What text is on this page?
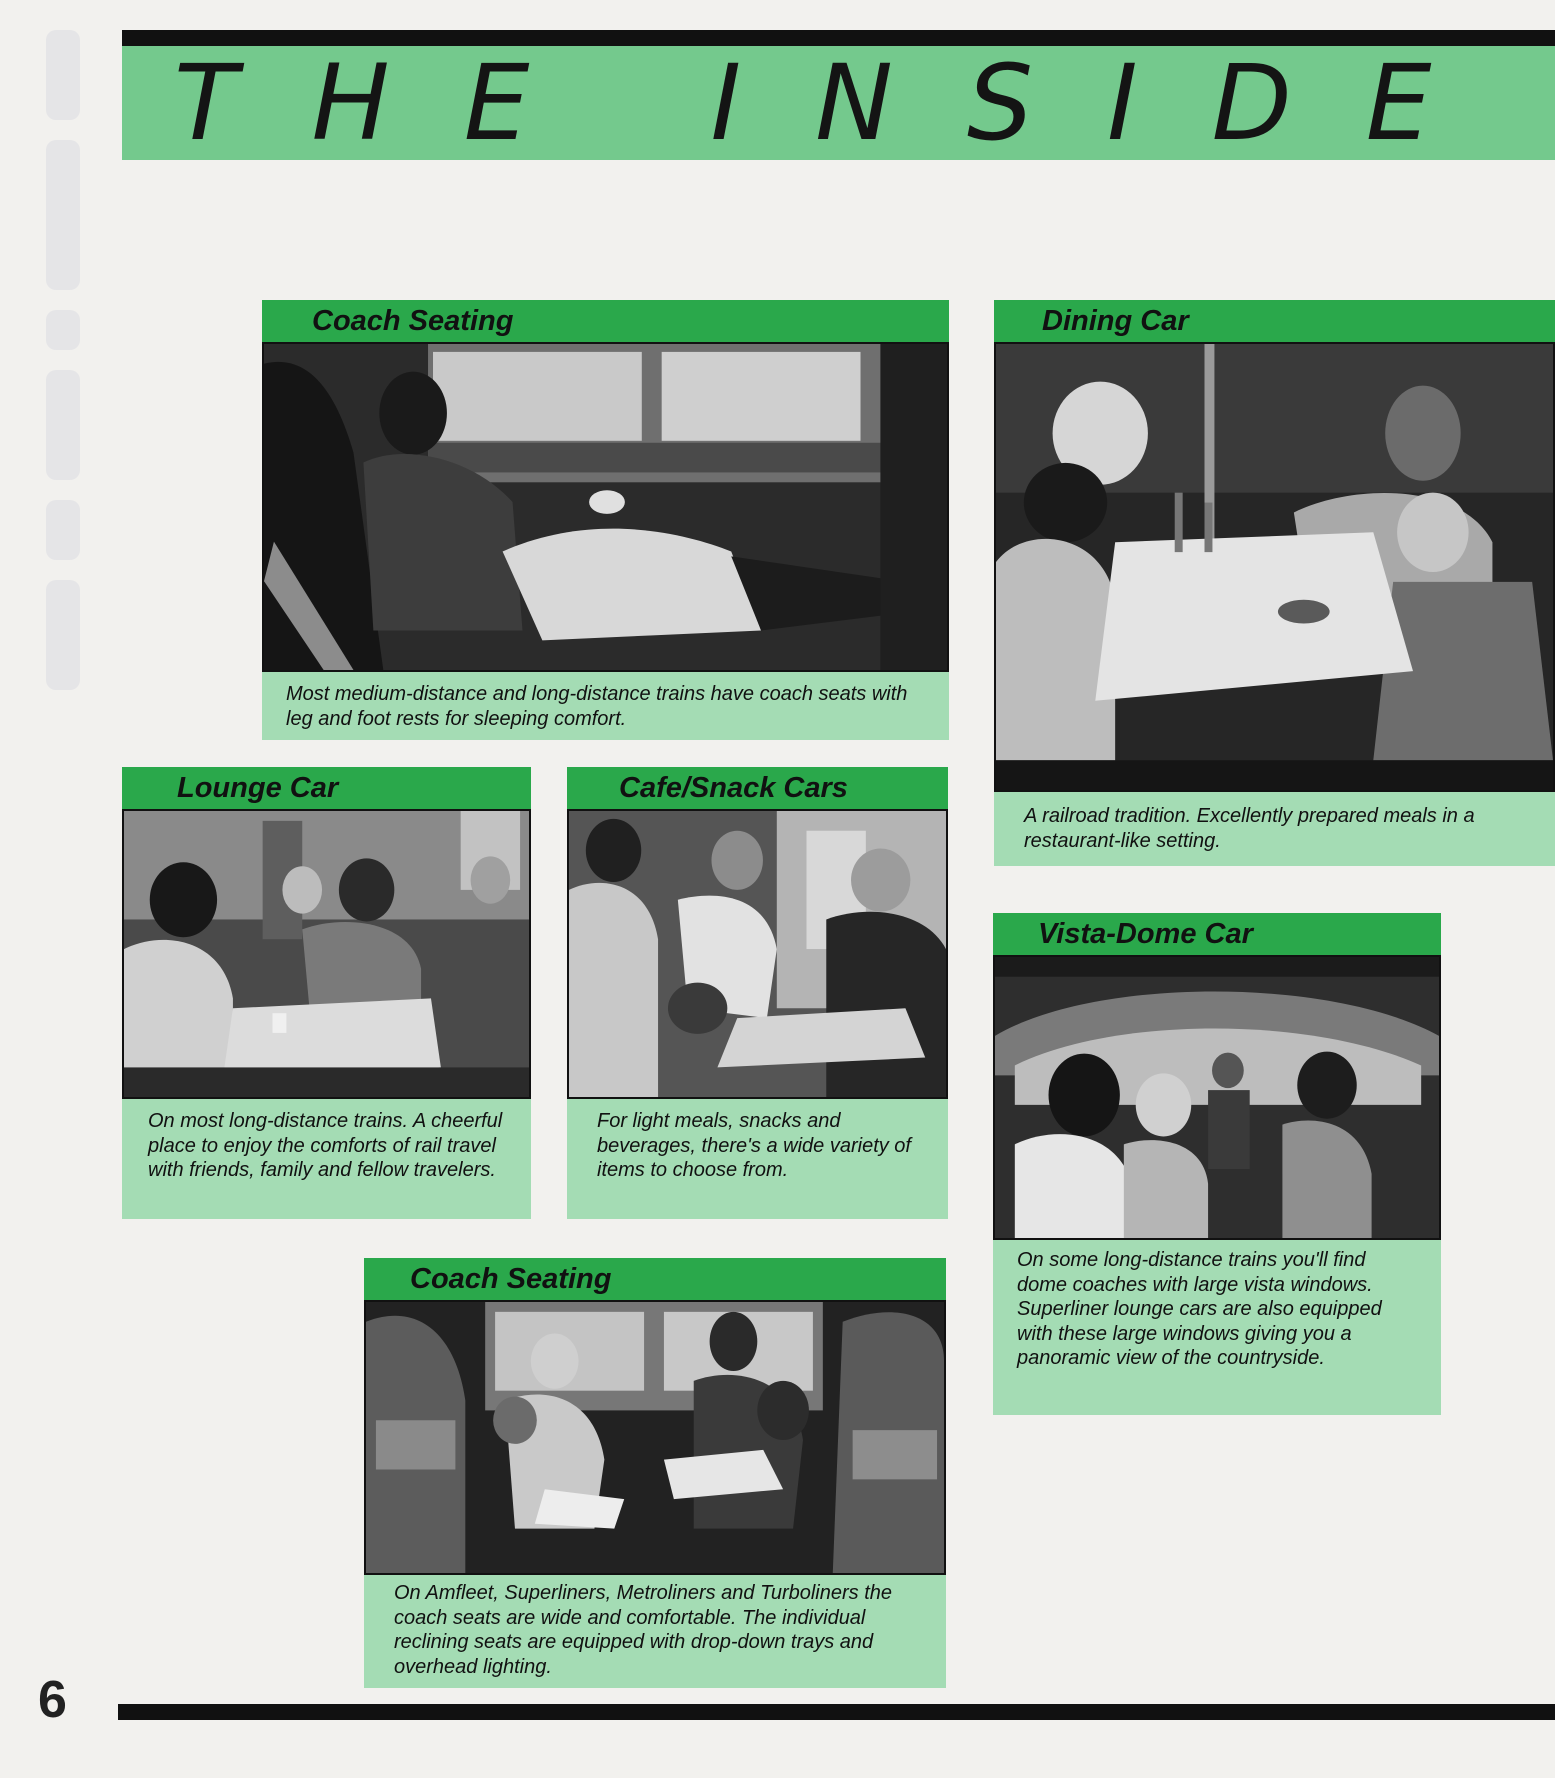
THE INSIDE
Coach Seating

Most medium-distance and long-distance trains have coach seats with leg and foot rests for sleeping comfort.

Dining Car

A railroad tradition. Excellently prepared meals in a restaurant-like setting.

Lounge Car

On most long-distance trains. A cheerful place to enjoy the comforts of rail travel with friends, family and fellow travelers.

Cafe/Snack Cars

For light meals, snacks and beverages, there's a wide variety of items to choose from.

Vista-Dome Car

On some long-distance trains you'll find dome coaches with large vista windows. Superliner lounge cars are also equipped with these large windows giving you a panoramic view of the countryside.

Coach Seating

On Amfleet, Superliners, Metroliners and Turboliners the coach seats are wide and comfortable. The individual reclining seats are equipped with drop-down trays and overhead lighting.

6
